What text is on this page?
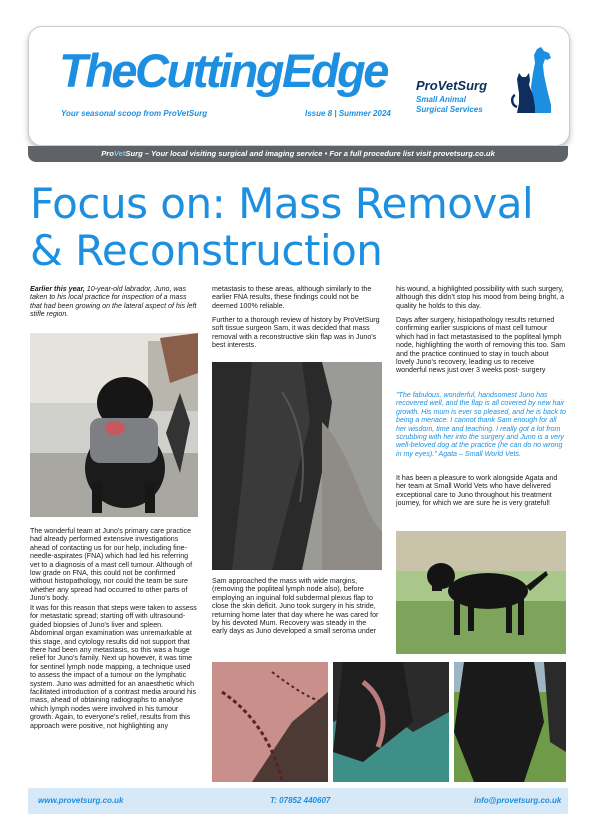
TheCuttingEdge
Your seasonal scoop from ProVetSurg	Issue 8 | Summer 2024
ProVetSurg
Small Animal
Surgical Services
ProVetSurg – Your local visiting surgical and imaging service • For a full procedure list visit provetsurg.co.uk
Focus on: Mass Removal
& Reconstruction

Earlier this year, 10-year-old labrador, Juno, was taken to his local practice for inspection of a mass that had been growing on the lateral aspect of his left stifle region.

The wonderful team at Juno's primary care practice had already performed extensive investigations ahead of contacting us for our help, including fine-needle-aspirates (FNA) which had led his referring vet to a diagnosis of a mast cell tumour. Although of low grade on FNA, this could not be confirmed without histopathology, nor could the team be sure whether any spread had occurred to other parts of Juno's body.

It was for this reason that steps were taken to assess for metastatic spread; starting off with ultrasound-guided biopsies of Juno's liver and spleen. Abdominal organ examination was unremarkable at this stage, and cytology results did not support that there had been any metastasis, so this was a huge relief for Juno's family. Next up however, it was time for sentinel lymph node mapping, a technique used to assess the impact of a tumour on the lymphatic system. Juno was admitted for an anaesthetic which facilitated introduction of a contrast media around his mass, ahead of obtaining radiographs to analyse which lymph nodes were involved in his tumour growth. Again, to everyone's relief, results from this approach were positive, not highlighting any

metastasis to these areas, although similarly to the earlier FNA results, these findings could not be deemed 100% reliable.

Further to a thorough review of history by ProVetSurg soft tissue surgeon Sam, it was decided that mass removal with a reconstructive skin flap was in Juno's best interests.

Sam approached the mass with wide margins, (removing the popliteal lymph node also), before employing an inguinal fold subdermal plexus flap to close the skin deficit. Juno took surgery in his stride, returning home later that day where he was cared for by his devoted Mum. Recovery was steady in the early days as Juno developed a small seroma under

his wound, a highlighted possibility with such surgery, although this didn't stop his mood from being bright, a quality he holds to this day.

Days after surgery, histopathology results returned confirming earlier suspicions of mast cell tumour which had in fact metastasised to the popliteal lymph node, highlighting the worth of removing this too. Sam and the practice continued to stay in touch about lovely Juno's recovery, leading us to receive wonderful news just over 3 weeks post- surgery

"The fabulous, wonderful, handsomest Juno has recovered well, and the flap is all covered by new hair growth. His mum is ever so pleased, and he is back to being a menace. I cannot thank Sam enough for all her wisdom, time and teaching. I really got a lot from scrubbing with her into the surgery and Juno is a very well-beloved dog at the practice (he can do no wrong in my eyes)." Agata – Small World Vets.

It has been a pleasure to work alongside Agata and her team at Small World Vets who have delivered exceptional care to Juno throughout his treatment journey, for which we are sure he is very grateful!

www.provetsurg.co.uk	T: 07852 440607	info@provetsurg.co.uk
